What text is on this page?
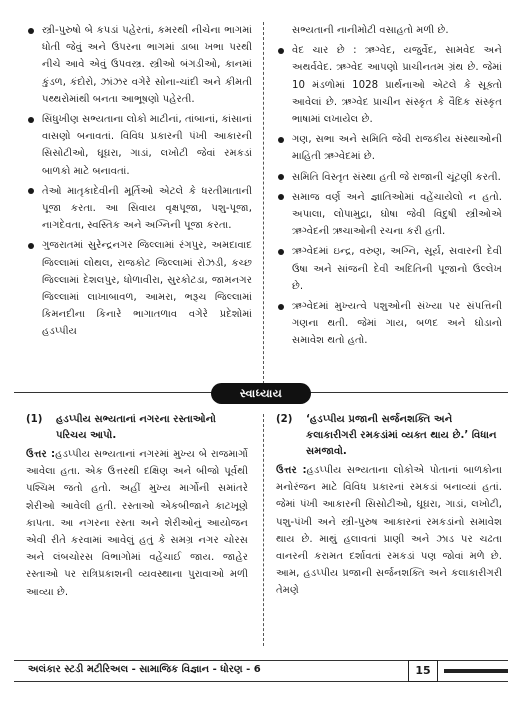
સ્ત્રી-પુરુષો બે કપડાં પહેરતાં, કમરથી નીચેના ભાગમાં ધોતી જેવું અને ઉપરના ભાગમાં ડાબા ખભા પરથી નીચે આવે એવું ઉપવસ્ત્ર. સ્ત્રીઓ બંગડીઓ, કાનમાં કુંડળ, કંદોરો, ઝાંઝર વગેરે સોના-ચાંદી અને કીમતી પથ્થરોમાંથી બનતા આભૂષણો પહેરતી.
સિંધુખીણ સભ્યતાના લોકો માટીનાં, તાંબાનાં, કાંસાનાં વાસણો બનાવતાં. વિવિધ પ્રકારની પંખી આકારની સિસોટીઓ, ઘૂઘરા, ગાડાં, લખોટી જેવાં રમકડાં બાળકો માટે બનાવતાં.
તેઓ માતૃકાદેવીની મૂર્તિઓ એટલે કે ધરતીમાતાની પૂજા કરતા. આ સિવાય વૃક્ષપૂજા, પશુ-પૂજા, નાગદેવતા, સ્વસ્તિક અને અગ્નિની પૂજા કરતા.
ગુજરાતમાં સુરેન્દ્રનગર જિલ્લામાં રંગપુર, અમદાવાદ જિલ્લામાં લોથલ, રાજકોટ જિલ્લામાં રોઝડી, કચ્છ જિલ્લામાં દેશલપુર, ધોળાવીરા, સુરકોટડા, જામનગર જિલ્લામાં લાખાબાવળ, આમરા, ભરૂચ જિલ્લામાં કિમનદીના કિનારે ભાગાતળાવ વગેરે પ્રદેશોમાં હડપ્પીય
સભ્યતાની નાનીમોટી વસાહતો મળી છે.
વેદ ચાર છે : ઋગ્વેદ, યજુર્વેદ, સામવેદ અને અથર્વવેદ. ઋગ્વેદ આપણો પ્રાચીનતમ ગ્રંથ છે. જેમાં 10 મંડળોમાં 1028 પ્રાર્થનાઓ એટલે કે સૂક્તો આવેલાં છે. ઋગ્વેદ પ્રાચીન સંસ્કૃત કે વૈદિક સંસ્કૃત ભાષામાં લખાયેલ છે.
ગણ, સભા અને સમિતિ જેવી રાજકીય સંસ્થાઓની માહિતી ઋગ્વેદમાં છે.
સમિતિ વિસ્તૃત સંસ્થા હતી જે રાજાની ચૂંટણી કરતી.
સમાજ વર્ણ અને જ્ઞાતિઓમાં વહેંચાયેલો ન હતો. અપાલા, લોપામુદ્રા, ઘોષા જેવી વિદુષી સ્ત્રીઓએ ઋગ્વેદની ઋચાઓની રચના કરી હતી.
ઋગ્વેદમાં ઇન્દ્ર, વરુણ, અગ્નિ, સૂર્ય, સવારની દેવી ઉષા અને સાંજની દેવી અદિતિની પૂજાનો ઉલ્લેખ છે.
ઋગ્વેદમાં મુખ્યત્વે પશુઓની સંખ્યા પર સંપત્તિની ગણના થતી. જેમાં ગાય, બળદ અને ઘોડાનો સમાવેશ થતો હતો.
સ્વાધ્યાય
(1)	હડપ્પીય સભ્યતાનાં નગરના રસ્તાઓનો પરિચય આપો.
ઉત્તર :હડપ્પીય સભ્યતાનાં નગરમાં મુખ્ય બે રાજમાર્ગો આવેલા હતા. એક ઉત્તરથી દક્ષિણ અને બીજો પૂર્વથી પશ્ચિમ જતો હતો. અહીં મુખ્ય માર્ગોની સમાંતરે શેરીઓ આવેલી હતી. રસ્તાઓ એકબીજાને કાટખૂણે કાપતા. આ નગરના રસ્તા અને શેરીઓનું આયોજન એવી રીતે કરવામાં આવેલું હતું કે સમગ્ર નગર ચોરસ અને લંબચોરસ વિભાગોમાં વહેંચાઈ જાય. જાહેર રસ્તાઓ પર રાત્રિપ્રકાશની વ્યવસ્થાના પુરાવાઓ મળી આવ્યા છે.
(2)	‘હડપ્પીય પ્રજાની સર્જનશક્તિ અને કલાકારીગરી રમકડાંમાં વ્યક્ત થાય છે.’ વિધાન સમજાવો.
ઉત્તર :હડપ્પીય સભ્યતાના લોકોએ પોતાનાં બાળકોના મનોરંજન માટે વિવિધ પ્રકારનાં રમકડાં બનાવ્યાં હતાં. જેમાં પંખી આકારની સિસોટીઓ, ઘૂઘરા, ગાડાં, લખોટી, પશુ-પંખી અને સ્ત્રી-પુરુષ આકારનાં રમકડાંનો સમાવેશ થાય છે. માથું હલાવતાં પ્રાણી અને ઝાડ પર ચઢતા વાનરની કરામત દર્શાવતાં રમકડાં પણ જોવાં મળે છે. આમ, હડપ્પીય પ્રજાની સર્જનશક્તિ અને કલાકારીગરી તેમણે
અલંકાર સ્ટડી મટીરિઅલ - સામાજિક વિજ્ઞાન - ધોરણ - 6	15
